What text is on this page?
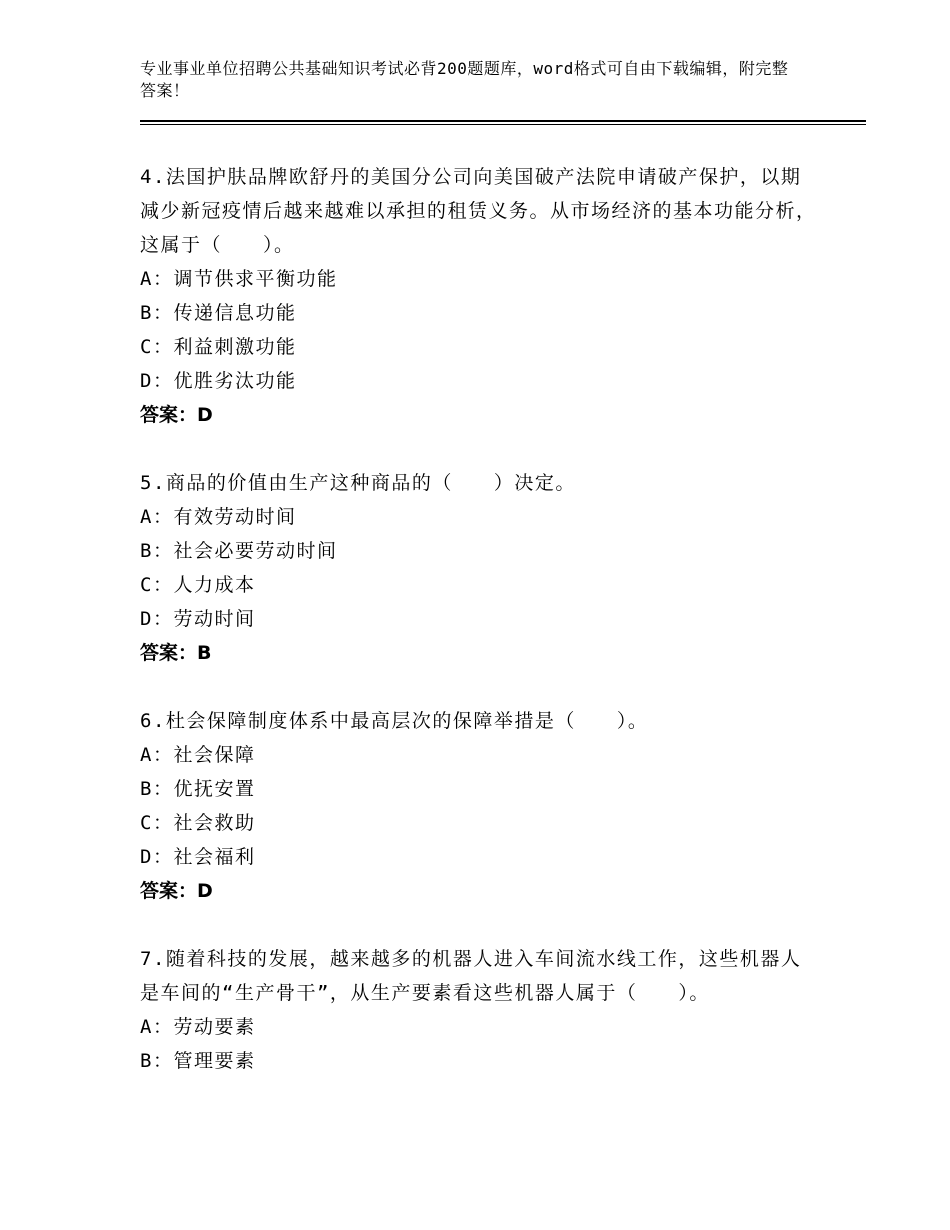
专业事业单位招聘公共基础知识考试必背200题题库，word格式可自由下载编辑，附完整答案！

4.法国护肤品牌欧舒丹的美国分公司向美国破产法院申请破产保护，以期减少新冠疫情后越来越难以承担的租赁义务。从市场经济的基本功能分析，这属于（　　）。

A：调节供求平衡功能

B：传递信息功能

C：利益刺激功能

D：优胜劣汰功能

答案：D

5.商品的价值由生产这种商品的（　　）决定。

A：有效劳动时间

B：社会必要劳动时间

C：人力成本

D：劳动时间

答案：B

6.杜会保障制度体系中最高层次的保障举措是（　　）。

A：社会保障

B：优抚安置

C：社会救助

D：社会福利

答案：D

7.随着科技的发展，越来越多的机器人进入车间流水线工作，这些机器人是车间的“生产骨干”，从生产要素看这些机器人属于（　　）。

A：劳动要素

B：管理要素
